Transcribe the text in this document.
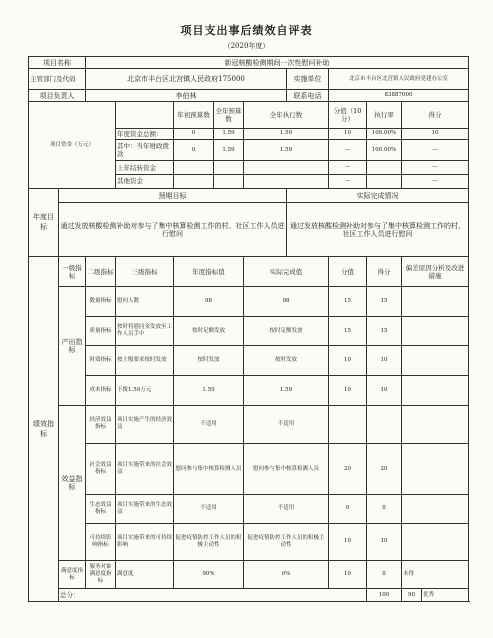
项目支出事后绩效自评表
（2020年度）
项目名称		新冠核酸检测期间一次性慰问补助									
主管部门及代码		北京市丰台区北宫镇人民政府175000					实施单位	北京市丰台区北宫镇人民政府党建办公室			
项目负责人		李伯林					联系电话	83887000			
项目资金（万元）				年初预算数	全年预算数	全年执行数		分值（10分）	执行率	得分	
			年度资金总额：	0	1.59	1.59		10	100.00%	10	
			其中：当年财政拨款	0	1.59	1.59		—	100.00%	—	
			上年结转资金					—		—	
			其他资金					—		—	
年度目标	预期目标						实际完成情况				
	通过发放核酸检测补助对参与了集中核算检测工作的村、社区工作人员进行慰问						通过发放核酸检测补助对参与了集中核算检测工作的村、社区工作人员进行慰问				
绩效指标	一级指标	二级指标	三级指标	年度指标值		实际完成值		分值	得分	偏差原因分析及改进措施	
	产出指标	数量指标	慰问人数	98		98		15	15		
		质量指标	按时将慰问金发放至工作人员手中	按时足额发放		按时足额发放		15	15		
		时效指标	按上级要求按时发放	按时发放		按时发放		10	10		
		成本指标	下拨1.59万元	1.59		1.59		10	10		
	效益指标	经济效益指标	项目实施产生的经济效益	不适用		不适用					
		社会效益指标	项目实施带来的社会效益	慰问参与集中核算检测人员		慰问参与集中核算检测人员		20	20		
		生态效益指标	项目实施带来的生态效益	不适用		不适用		0	0		
		可持续影响指标	项目实施带来的可持续影响	促进疫情防控工作人员的积极主动性		促进疫情防控工作人员的积极主动性		10	10		
	满意度指标	服务对象满意度指标	满意度	90%		0%		10	0	未得	
	总分：								100	90	优秀
